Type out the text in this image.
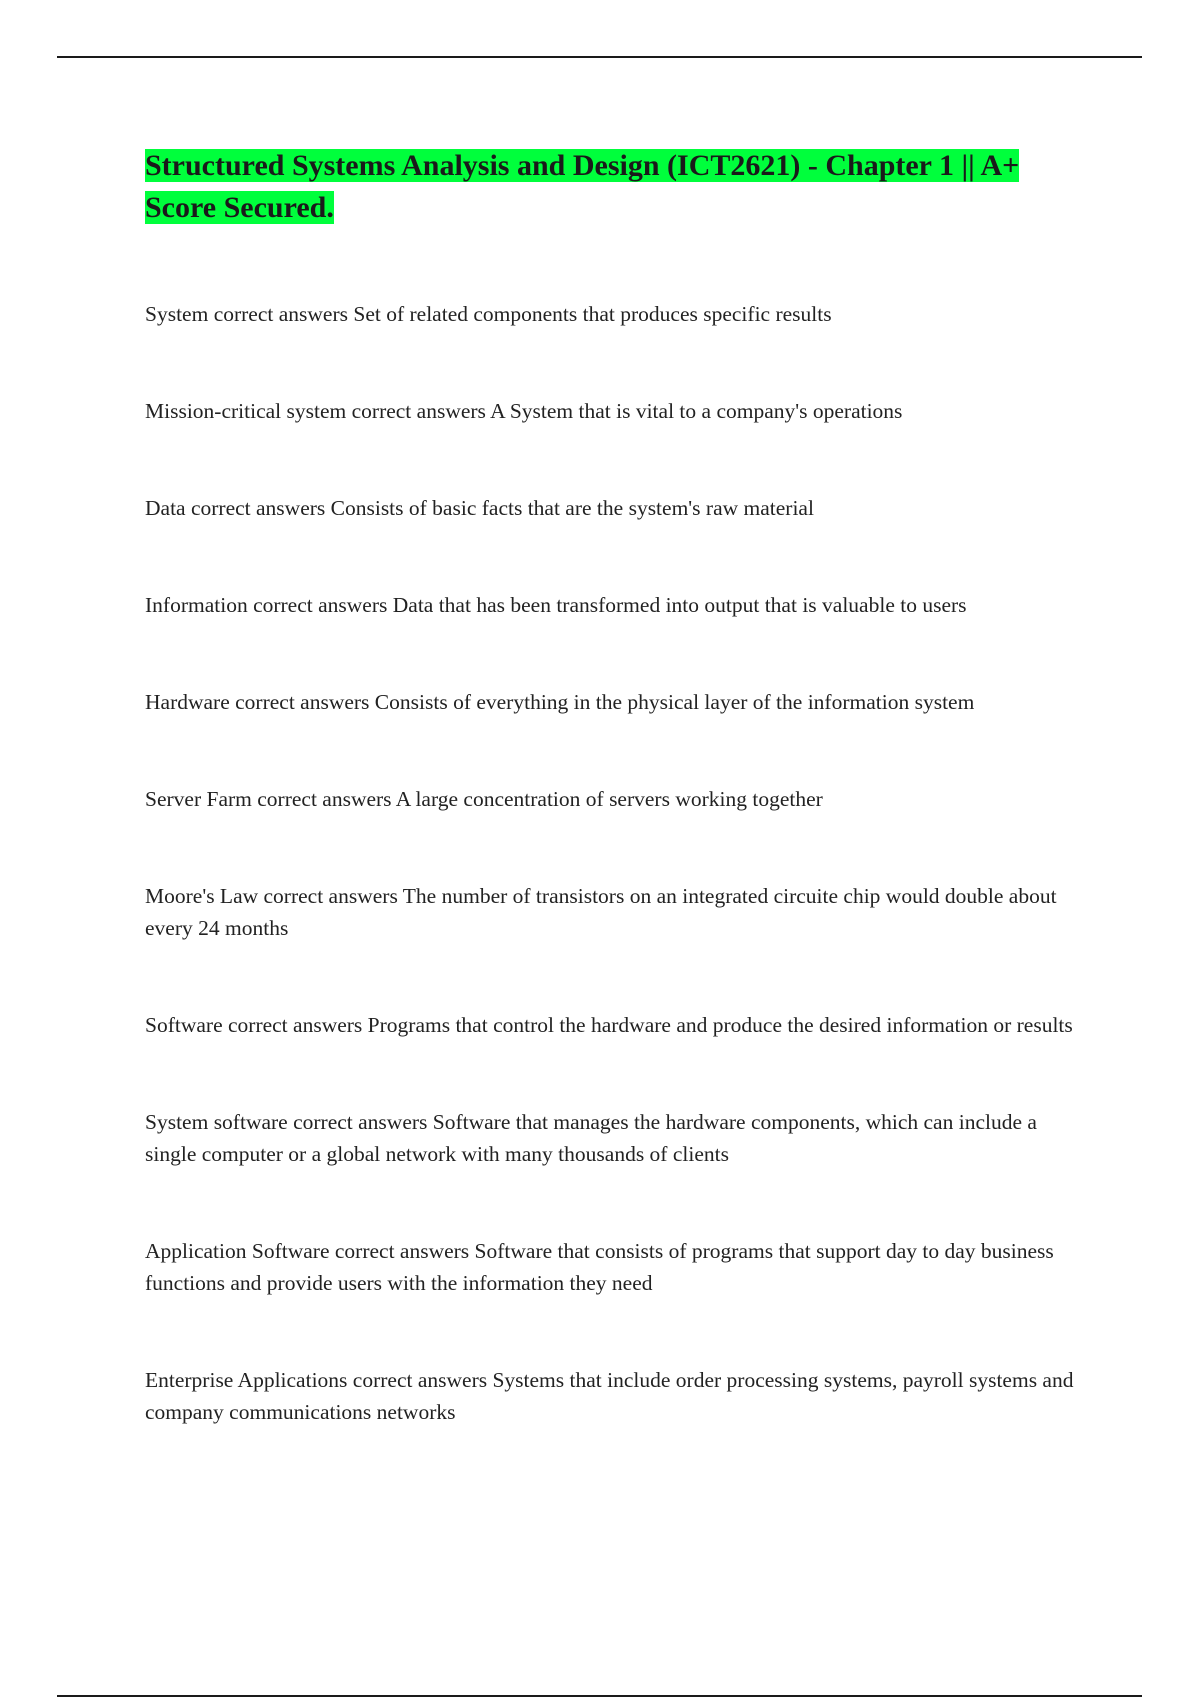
Structured Systems Analysis and Design (ICT2621) - Chapter 1 || A+ Score Secured.
System correct answers Set of related components that produces specific results
Mission-critical system correct answers A System that is vital to a company's operations
Data correct answers Consists of basic facts that are the system's raw material
Information correct answers Data that has been transformed into output that is valuable to users
Hardware correct answers Consists of everything in the physical layer of the information system
Server Farm correct answers A large concentration of servers working together
Moore's Law correct answers The number of transistors on an integrated circuite chip would double about every 24 months
Software correct answers Programs that control the hardware and produce the desired information or results
System software correct answers Software that manages the hardware components, which can include a single computer or a global network with many thousands of clients
Application Software correct answers Software that consists of programs that support day to day business functions and provide users with the information they need
Enterprise Applications correct answers Systems that include order processing systems, payroll systems and company communications networks
